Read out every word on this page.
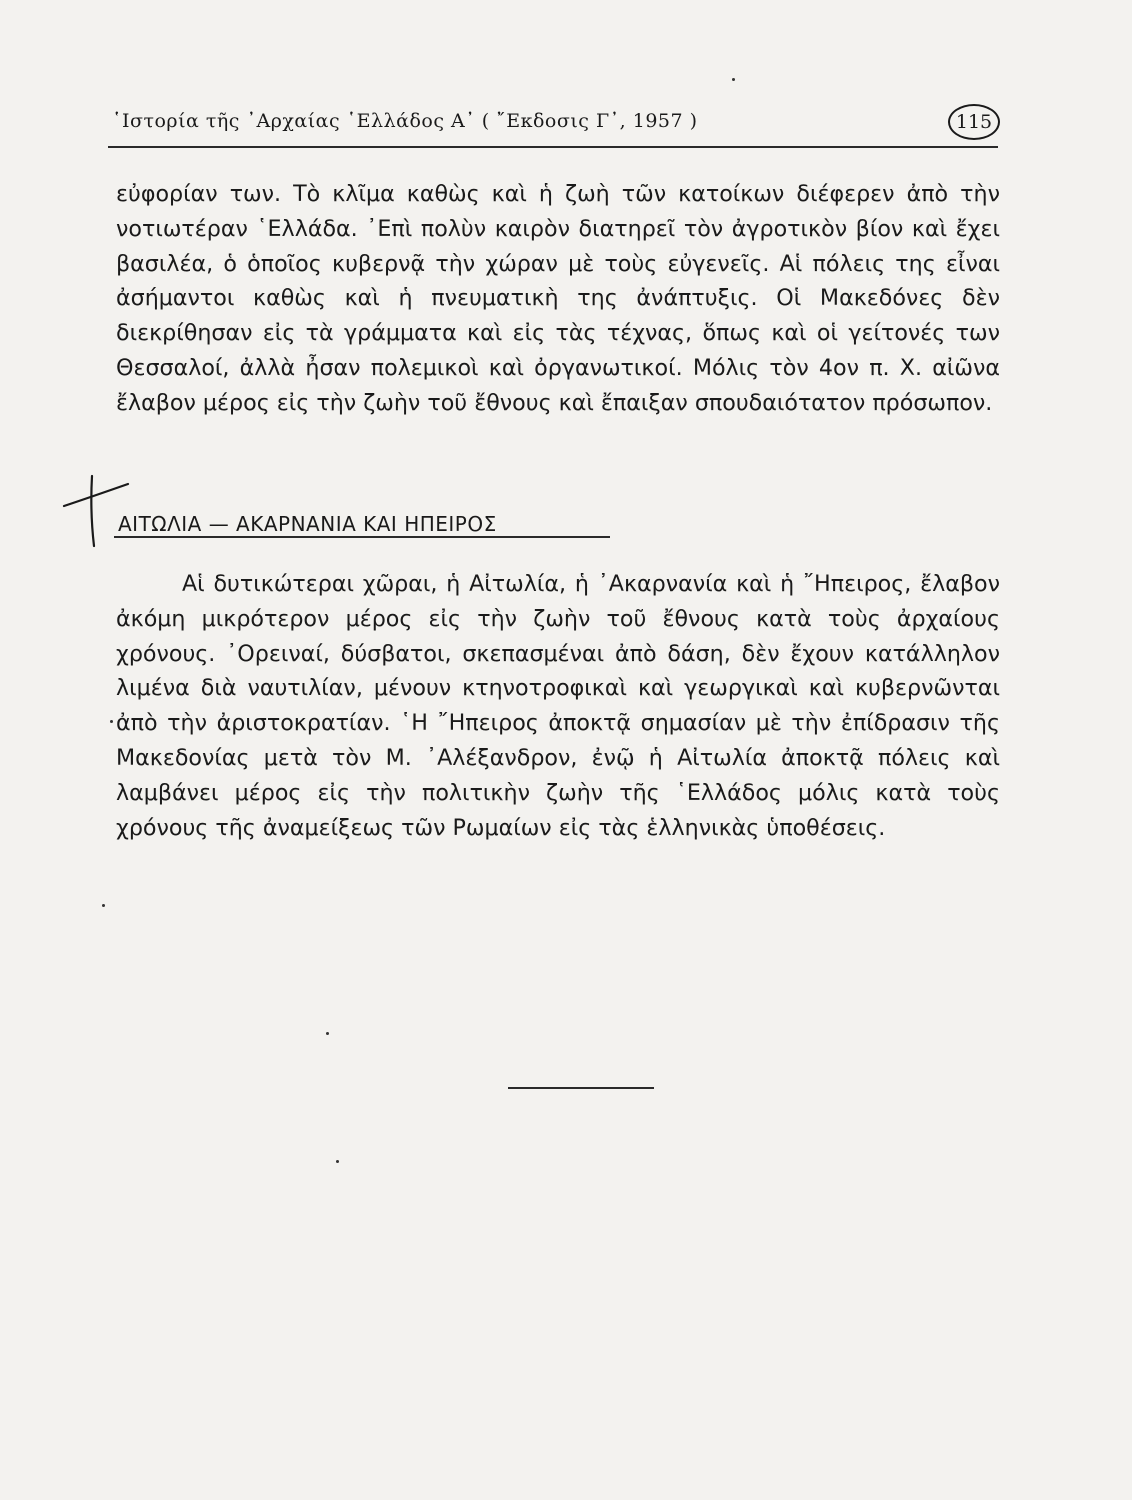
῾Ιστορία τῆς ᾿Αρχαίας ῾Ελλάδος Α᾿ ( ῎Εκδοσις Γ᾿, 1957 )	115

εὐφορίαν των. Τὸ κλῖμα καθὼς καὶ ἡ ζωὴ τῶν κατοίκων διέφερεν ἀπὸ τὴν νοτιωτέραν ῾Ελλάδα. ᾿Επὶ πολὺν καιρὸν διατηρεῖ τὸν ἀγροτικὸν βίον καὶ ἔχει βασιλέα, ὁ ὁποῖος κυβερνᾷ τὴν χώραν μὲ τοὺς εὐγενεῖς. Αἱ πόλεις της εἶναι ἀσήμαντοι καθὼς καὶ ἡ πνευματικὴ της ἀνάπτυξις. Οἱ Μακεδόνες δὲν διεκρίθησαν εἰς τὰ γράμματα καὶ εἰς τὰς τέχνας, ὅπως καὶ οἱ γείτονές των Θεσσαλοί, ἀλλὰ ἦσαν πολεμικοὶ καὶ ὀργανωτικοί. Μόλις τὸν 4ον π. Χ. αἰῶνα ἔλαβον μέρος εἰς τὴν ζωὴν τοῦ ἔθνους καὶ ἔπαιξαν σπουδαιότατον πρόσωπον.

ΑΙΤΩΛΙΑ — ΑΚΑΡΝΑΝΙΑ ΚΑΙ ΗΠΕΙΡΟΣ

Αἱ δυτικώτεραι χῶραι, ἡ Αἰτωλία, ἡ ᾿Ακαρνανία καὶ ἡ ῎Ηπειρος, ἔλαβον ἀκόμη μικρότερον μέρος εἰς τὴν ζωὴν τοῦ ἔθνους κατὰ τοὺς ἀρχαίους χρόνους. ᾿Ορειναί, δύσβατοι, σκεπασμέναι ἀπὸ δάση, δὲν ἔχουν κατάλληλον λιμένα διὰ ναυτιλίαν, μένουν κτηνοτροφικαὶ καὶ γεωργικαὶ καὶ κυβερνῶνται ἀπὸ τὴν ἀριστοκρατίαν. ῾Η ῎Ηπειρος ἀποκτᾷ σημασίαν μὲ τὴν ἐπίδρασιν τῆς Μακεδονίας μετὰ τὸν Μ. ᾿Αλέξανδρον, ἐνῷ ἡ Αἰτωλία ἀποκτᾷ πόλεις καὶ λαμβάνει μέρος εἰς τὴν πολιτικὴν ζωὴν τῆς ῾Ελλάδος μόλις κατὰ τοὺς χρόνους τῆς ἀναμείξεως τῶν Ρωμαίων εἰς τὰς ἑλληνικὰς ὑποθέσεις.
